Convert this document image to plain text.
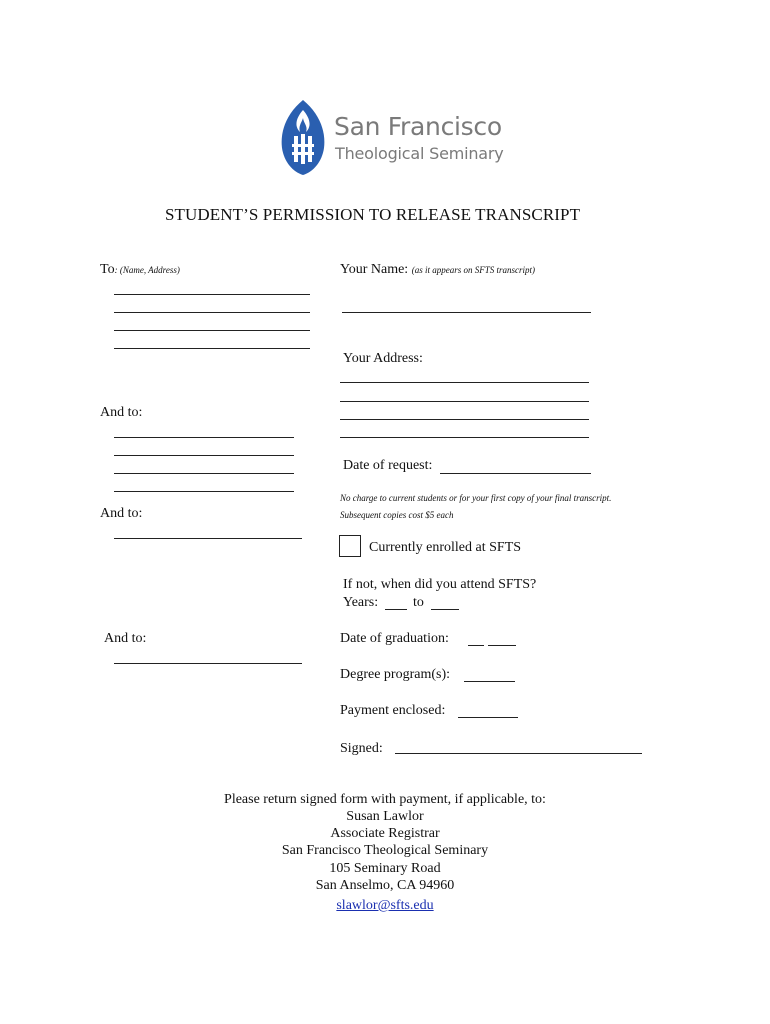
San Francisco
Theological Seminary
STUDENT’S PERMISSION TO RELEASE TRANSCRIPT
To: (Name, Address)
And to:
And to:
And to:
Your Name: (as it appears on SFTS transcript)
Your Address:
Date of request:
No charge to current students or for your first copy of your final transcript.
Subsequent copies cost $5 each
Currently enrolled at SFTS
If not, when did you attend SFTS?
Years: to
Date of graduation:
Degree program(s):
Payment enclosed:
Signed:
Please return signed form with payment, if applicable, to:
Susan Lawlor
Associate Registrar
San Francisco Theological Seminary
105 Seminary Road
San Anselmo, CA 94960
slawlor@sfts.edu
